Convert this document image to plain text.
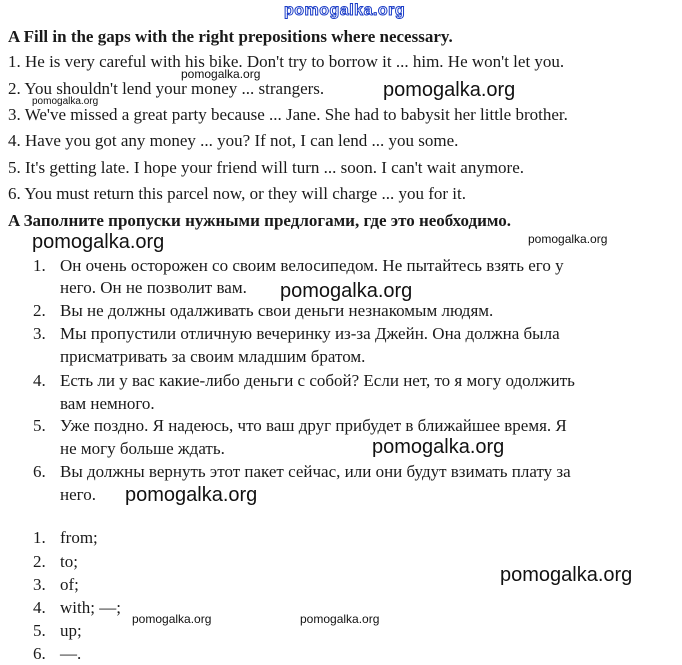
pomogalka.org
A Fill in the gaps with the right prepositions where necessary.
1. He is very careful with his bike. Don't try to borrow it ... him. He won't let you.
2. You shouldn't lend your money ... strangers.
3. We've missed a great party because ... Jane. She had to babysit her little brother.
4. Have you got any money ... you? If not, I can lend ... you some.
5. It's getting late. I hope your friend will turn ... soon. I can't wait anymore.
6. You must return this parcel now, or they will charge ... you for it.
A Заполните пропуски нужными предлогами, где это необходимо.
1. Он очень осторожен со своим велосипедом. Не пытайтесь взять его у
него. Он не позволит вам.
2. Вы не должны одалживать свои деньги незнакомым людям.
3. Мы пропустили отличную вечеринку из-за Джейн. Она должна была
присматривать за своим младшим братом.
4. Есть ли у вас какие-либо деньги с собой? Если нет, то я могу одолжить
вам немного.
5. Уже поздно. Я надеюсь, что ваш друг прибудет в ближайшее время. Я
не могу больше ждать.
6. Вы должны вернуть этот пакет сейчас, или они будут взимать плату за
него.
1. from;
2. to;
3. of;
4. with; —;
5. up;
6. —.
pomogalka.org
pomogalka.org
pomogalka.org
pomogalka.org	pomogalka.org
pomogalka.org
pomogalka.org
pomogalka.org
pomogalka.org
pomogalka.org	pomogalka.org
